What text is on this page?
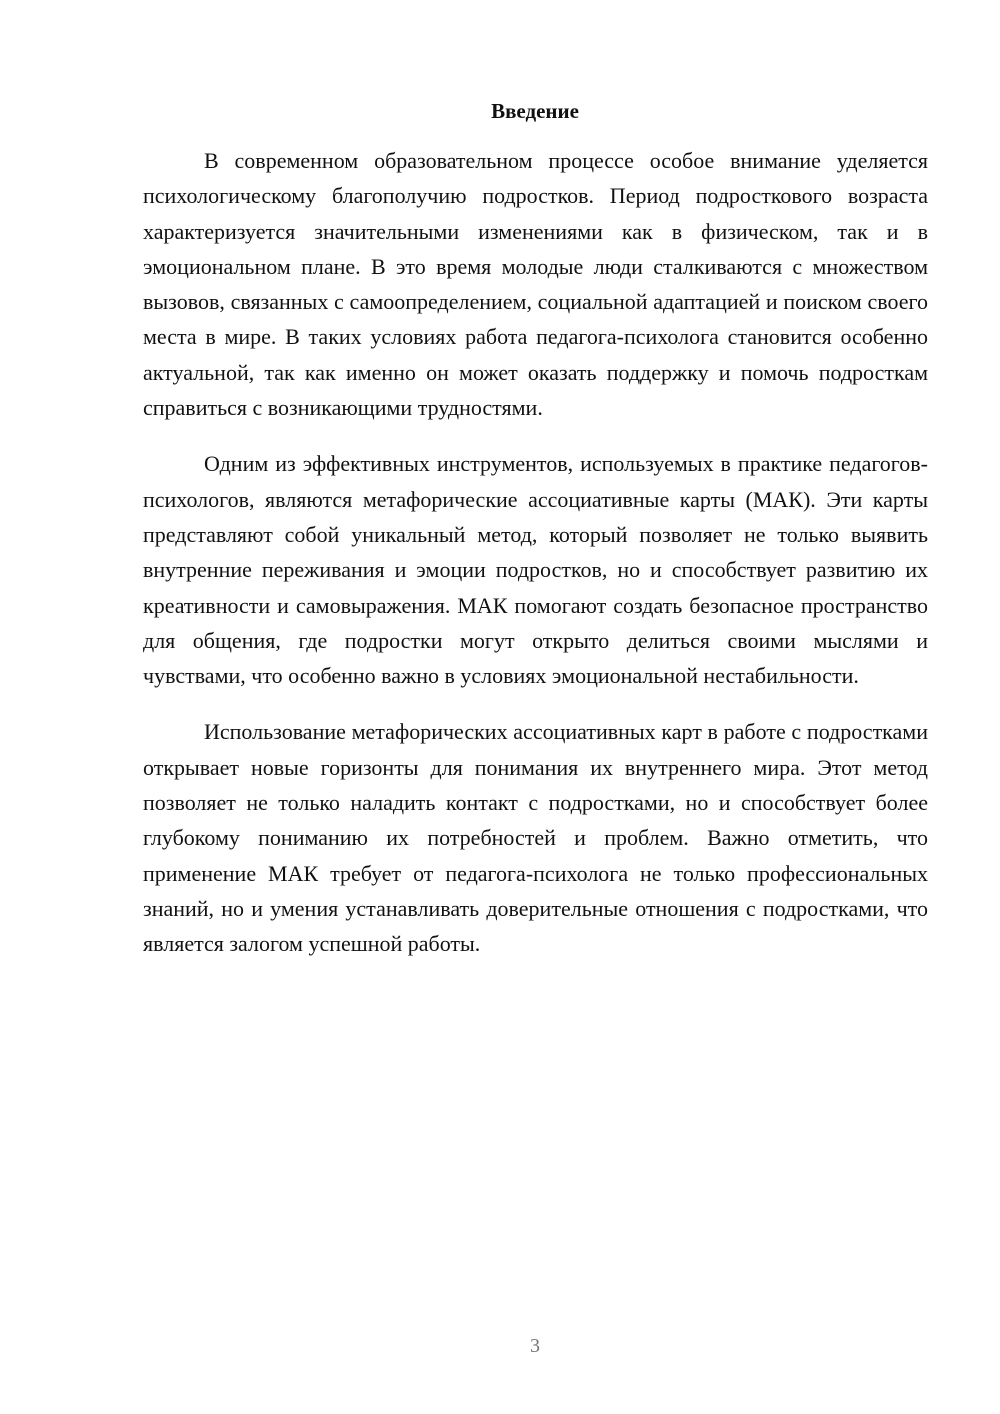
Введение

В современном образовательном процессе особое внимание уделяется психологическому благополучию подростков. Период подросткового возраста характеризуется значительными изменениями как в физическом, так и в эмоциональном плане. В это время молодые люди сталкиваются с множеством вызовов, связанных с самоопределением, социальной адаптацией и поиском своего места в мире. В таких условиях работа педагога-психолога становится особенно актуальной, так как именно он может оказать поддержку и помочь подросткам справиться с возникающими трудностями.

Одним из эффективных инструментов, используемых в практике педагогов-психологов, являются метафорические ассоциативные карты (МАК). Эти карты представляют собой уникальный метод, который позволяет не только выявить внутренние переживания и эмоции подростков, но и способствует развитию их креативности и самовыражения. МАК помогают создать безопасное пространство для общения, где подростки могут открыто делиться своими мыслями и чувствами, что особенно важно в условиях эмоциональной нестабильности.

Использование метафорических ассоциативных карт в работе с подростками открывает новые горизонты для понимания их внутреннего мира. Этот метод позволяет не только наладить контакт с подростками, но и способствует более глубокому пониманию их потребностей и проблем. Важно отметить, что применение МАК требует от педагога-психолога не только профессиональных знаний, но и умения устанавливать доверительные отношения с подростками, что является залогом успешной работы.

3
